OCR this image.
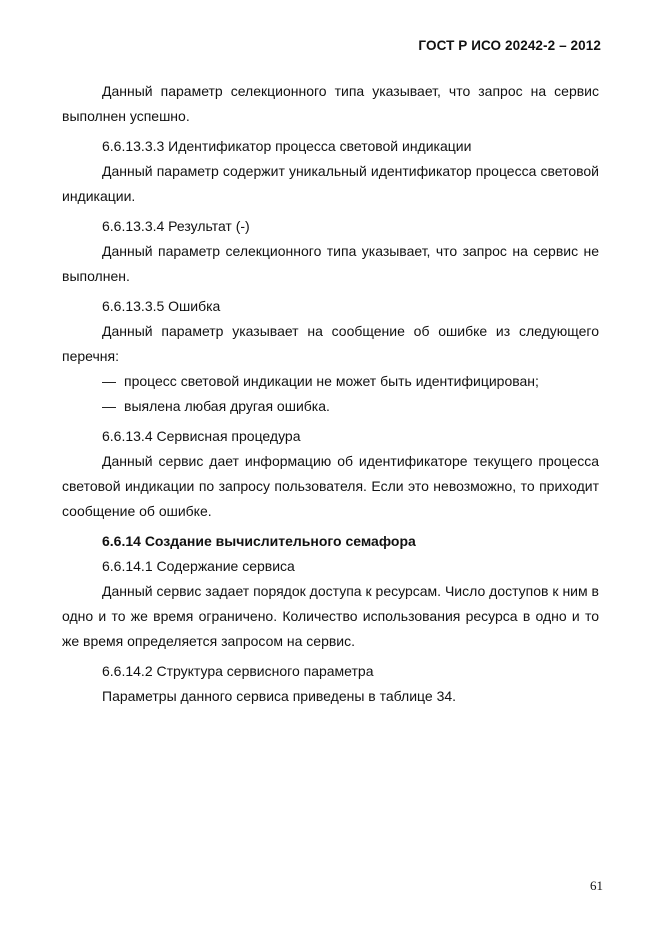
ГОСТ Р ИСО 20242-2 – 2012

Данный параметр селекционного типа указывает, что запрос на сервис выполнен успешно.

6.6.13.3.3 Идентификатор процесса световой индикации

Данный параметр содержит уникальный идентификатор процесса световой индикации.

6.6.13.3.4 Результат (-)

Данный параметр селекционного типа указывает, что запрос на сервис не выполнен.

6.6.13.3.5 Ошибка

Данный параметр указывает на сообщение об ошибке из следующего перечня:

— процесс световой индикации не может быть идентифицирован;

— выялена любая другая ошибка.

6.6.13.4 Сервисная процедура

Данный сервис дает информацию об идентификаторе текущего процесса световой индикации по запросу пользователя. Если это невозможно, то приходит сообщение об ошибке.

6.6.14 Создание вычислительного семафора

6.6.14.1 Содержание сервиса

Данный сервис задает порядок доступа к ресурсам. Число доступов к ним в одно и то же время ограничено. Количество использования ресурса в одно и то же время определяется запросом на сервис.

6.6.14.2 Структура сервисного параметра

Параметры данного сервиса приведены в таблице 34.

61
